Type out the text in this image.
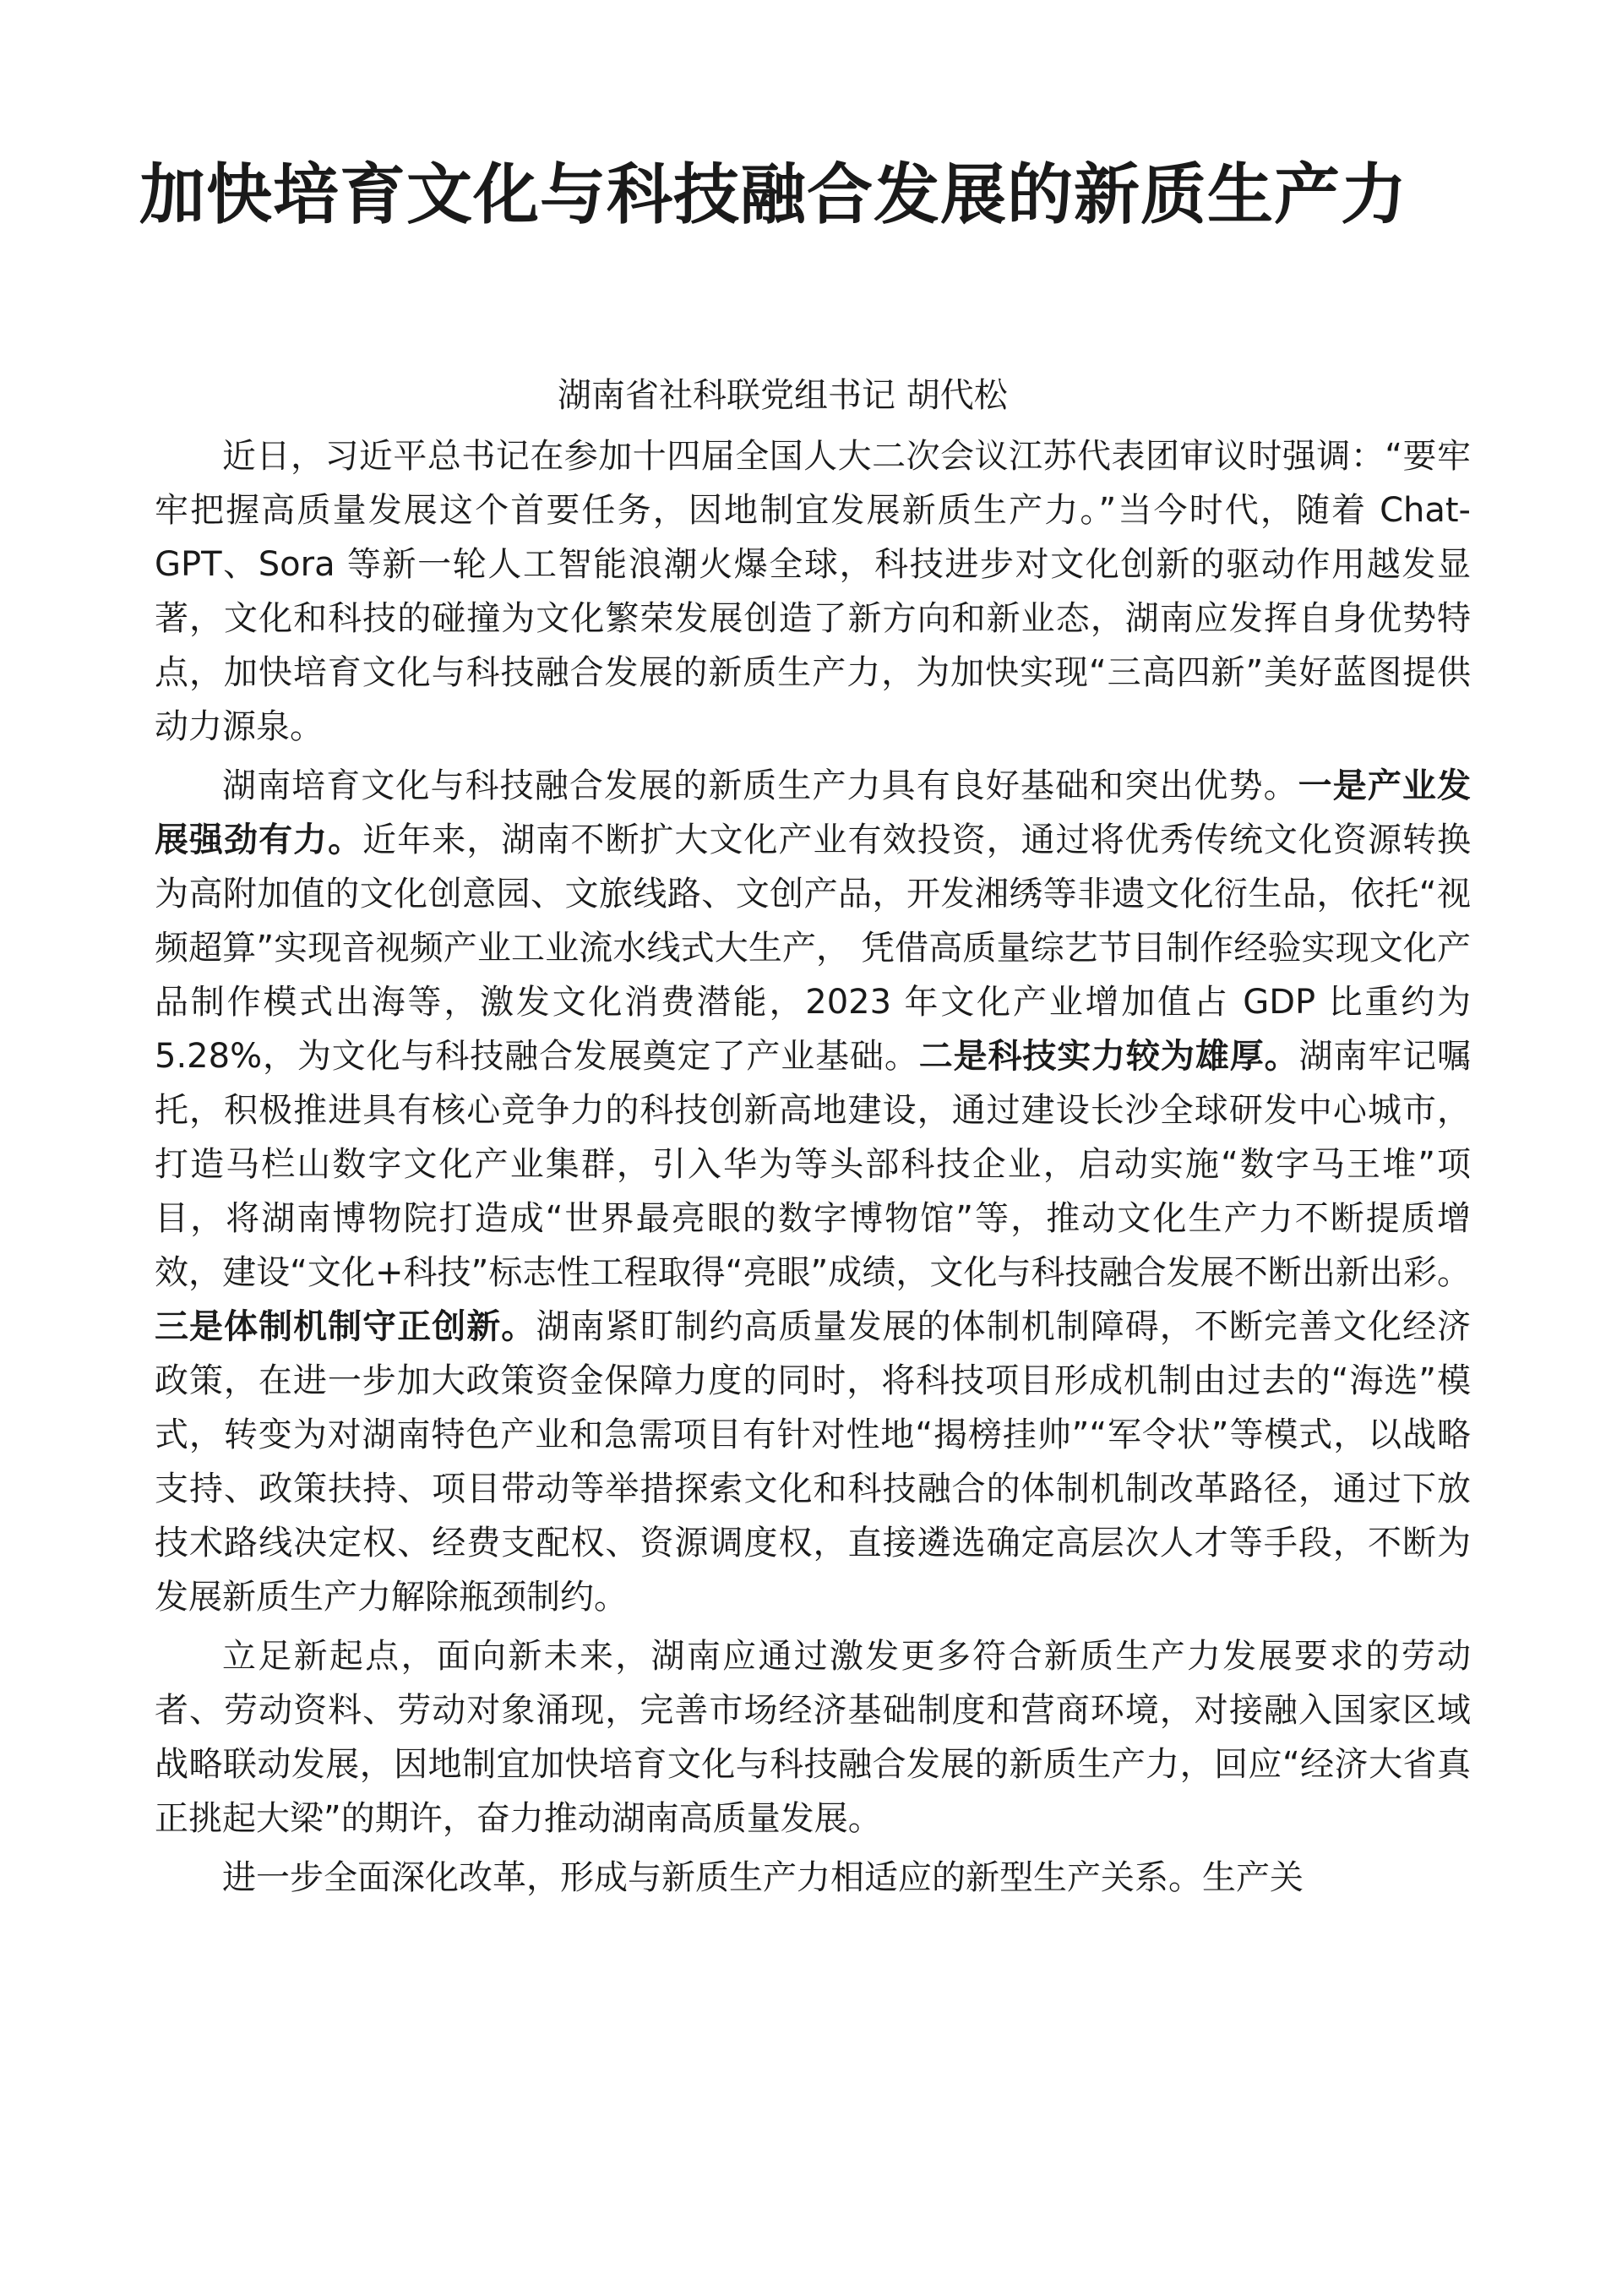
加快培育文化与科技融合发展的新质生产力

湖南省社科联党组书记 胡代松

近日，习近平总书记在参加十四届全国人大二次会议江苏代表团审议时强调：“要牢牢把握高质量发展这个首要任务，因地制宜发展新质生产力。”当今时代，随着 Chat-GPT、Sora 等新一轮人工智能浪潮火爆全球，科技进步对文化创新的驱动作用越发显著，文化和科技的碰撞为文化繁荣发展创造了新方向和新业态，湖南应发挥自身优势特点，加快培育文化与科技融合发展的新质生产力，为加快实现“三高四新”美好蓝图提供动力源泉。

湖南培育文化与科技融合发展的新质生产力具有良好基础和突出优势。一是产业发展强劲有力。近年来，湖南不断扩大文化产业有效投资，通过将优秀传统文化资源转换为高附加值的文化创意园、文旅线路、文创产品，开发湘绣等非遗文化衍生品，依托“视频超算”实现音视频产业工业流水线式大生产， 凭借高质量综艺节目制作经验实现文化产品制作模式出海等，激发文化消费潜能，2023 年文化产业增加值占 GDP 比重约为 5.28%，为文化与科技融合发展奠定了产业基础。二是科技实力较为雄厚。湖南牢记嘱托，积极推进具有核心竞争力的科技创新高地建设，通过建设长沙全球研发中心城市，打造马栏山数字文化产业集群，引入华为等头部科技企业，启动实施“数字马王堆”项目，将湖南博物院打造成“世界最亮眼的数字博物馆”等，推动文化生产力不断提质增效，建设“文化+科技”标志性工程取得“亮眼”成绩，文化与科技融合发展不断出新出彩。三是体制机制守正创新。湖南紧盯制约高质量发展的体制机制障碍，不断完善文化经济政策，在进一步加大政策资金保障力度的同时，将科技项目形成机制由过去的“海选”模式，转变为对湖南特色产业和急需项目有针对性地“揭榜挂帅”“军令状”等模式，以战略支持、政策扶持、项目带动等举措探索文化和科技融合的体制机制改革路径，通过下放技术路线决定权、经费支配权、资源调度权，直接遴选确定高层次人才等手段，不断为发展新质生产力解除瓶颈制约。

立足新起点，面向新未来，湖南应通过激发更多符合新质生产力发展要求的劳动者、劳动资料、劳动对象涌现，完善市场经济基础制度和营商环境，对接融入国家区域战略联动发展，因地制宜加快培育文化与科技融合发展的新质生产力，回应“经济大省真正挑起大梁”的期许，奋力推动湖南高质量发展。

进一步全面深化改革，形成与新质生产力相适应的新型生产关系。生产关
